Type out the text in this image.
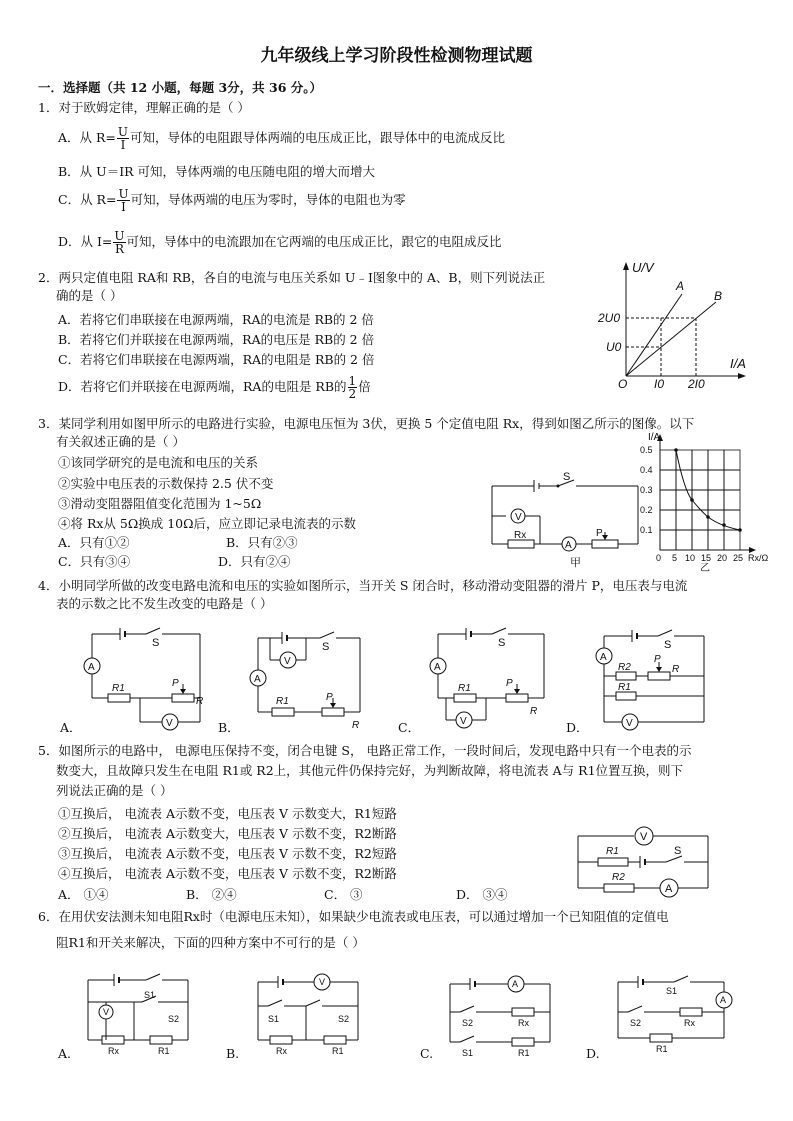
九年级线上学习阶段性检测物理试题
一．选择题（共 12 小题，每题 3分，共 36 分。）
1．对于欧姆定律，理解正确的是（ ）
A．从 $R= \frac{U}{I}$ 可知，导体的电阻跟导体两端的电压成正比，跟导体中的电流成反比
B．从 U＝IR 可知，导体两端的电压随电阻的增大而增大
C．从 $R= \frac{U}{I}$ 可知，导体两端的电压为零时，导体的电阻也为零
D．从 $I= \frac{U}{R}$ 可知，导体中的电流跟加在它两端的电压成正比，跟它的电阻成反比
2．两只定值电阻 RA和 RB，各自的电流与电压关系如 U﹣I图象中的 A、B，则下列说法正
确的是（ ）
A．若将它们串联接在电源两端，RA的电流是 RB的 2 倍
B．若将它们并联接在电源两端，RA的电压是 RB的 2 倍
C．若将它们串联接在电源两端，RA的电阻是 RB的 2 倍
D．若将它们并联接在电源两端，RA的电阻是 RB的 $\frac{1}{2}$ 倍
U/V
I/A
O
2U0
U0
I0 2I0
A
B
3．某同学利用如图甲所示的电路进行实验，电源电压恒为 3伏，更换 5 个定值电阻 Rx，得到如图乙所示的图像。以下
有关叙述正确的是（ ）
①该同学研究的是电流和电压的关系
②实验中电压表的示数保持 2.5 伏不变
③滑动变阻器阻值变化范围为 1~5Ω
④将 Rx从 5Ω换成 10Ω后，应立即记录电流表的示数
A．只有①②	B．只有②③
C．只有③④	D．只有②④
S
V
A
Rx	P
甲
I/A
0.5
0.4
0.3
0.2
0.1
0 5 10 15 20 25 Rx/Ω
乙
4．小明同学所做的改变电路电流和电压的实验如图所示，当开关 S 闭合时，移动滑动变阻器的滑片 P，电压表与电流
表的示数之比不发生改变的电路是（ ）
S
A
V
R1	P
R
A．
S
V
A
R1	P
R
B．
S
A
V
R1	P
R
C．
S
A
V
R2
R1
P
R
D．
5．如图所示的电路中， 电源电压保持不变，闭合电键 S， 电路正常工作，一段时间后，发现电路中只有一个电表的示
数变大，且故障只发生在电阻 R1或 R2上，其他元件仍保持完好，为判断故障，将电流表 A与 R1位置互换，则下
列说法正确的是（ ）
①互换后， 电流表 A示数不变，电压表 V 示数变大，R1短路
②互换后， 电流表 A示数变大，电压表 V 示数不变，R2断路
③互换后， 电流表 A示数不变，电压表 V 示数不变，R2短路
④互换后， 电流表 A示数不变，电压表 V 示数不变，R2断路
A． ①④	B． ②④	C． ③	D． ③④
V
R1
R2
S
A
6．在用伏安法测未知电阻Rx时（电源电压未知），如果缺少电流表或电压表，可以通过增加一个已知阻值的定值电
阻R1和开关来解决，下面的四种方案中不可行的是（ ）
S1
S2
V
Rx	R1
A.
V
S1	S2
Rx	R1
B.
A
S2	Rx
S1	R1
C.
S1
A
S2	Rx
R1
D.
